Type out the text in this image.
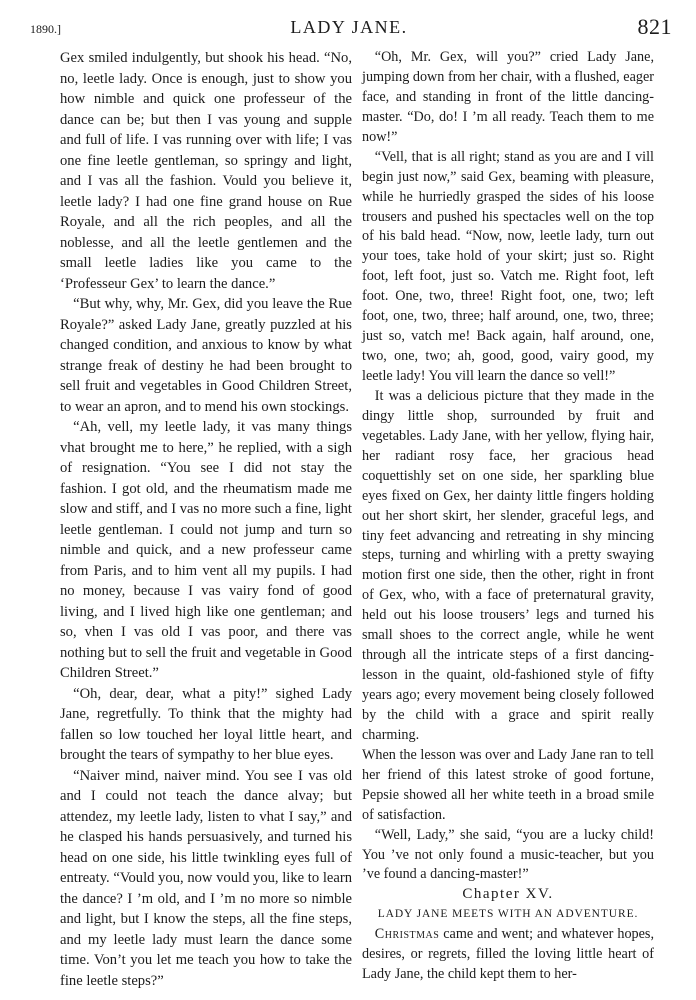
1890.]	LADY JANE.	821

Gex smiled indulgently, but shook his head. “No, no, leetle lady. Once is enough, just to show you how nimble and quick one professeur of the dance can be; but then I vas young and supple and full of life. I vas running over with life; I vas one fine leetle gentleman, so springy and light, and I vas all the fashion. Vould you believe it, leetle lady? I had one fine grand house on Rue Royale, and all the rich peoples, and all the noblesse, and all the leetle gentlemen and the small leetle ladies like you came to the ‘Professeur Gex’ to learn the dance.”

“But why, why, Mr. Gex, did you leave the Rue Royale?” asked Lady Jane, greatly puzzled at his changed condition, and anxious to know by what strange freak of destiny he had been brought to sell fruit and vegetables in Good Children Street, to wear an apron, and to mend his own stockings.

“Ah, vell, my leetle lady, it vas many things vhat brought me to here,” he replied, with a sigh of resignation. “You see I did not stay the fashion. I got old, and the rheumatism made me slow and stiff, and I vas no more such a fine, light leetle gentleman. I could not jump and turn so nimble and quick, and a new professeur came from Paris, and to him vent all my pupils. I had no money, because I vas vairy fond of good living, and I lived high like one gentleman; and so, vhen I vas old I vas poor, and there vas nothing but to sell the fruit and vegetable in Good Children Street.”

“Oh, dear, dear, what a pity!” sighed Lady Jane, regretfully. To think that the mighty had fallen so low touched her loyal little heart, and brought the tears of sympathy to her blue eyes.

“Naiver mind, naiver mind. You see I vas old and I could not teach the dance alvay; but attendez, my leetle lady, listen to vhat I say,” and he clasped his hands persuasively, and turned his head on one side, his little twinkling eyes full of entreaty. “Vould you, now vould you, like to learn the dance? I ’m old, and I ’m no more so nimble and light, but I know the steps, all the fine steps, and my leetle lady must learn the dance some time. Von’t you let me teach you how to take the fine leetle steps?”

“Oh, Mr. Gex, will you?” cried Lady Jane, jumping down from her chair, with a flushed, eager face, and standing in front of the little dancing-master. “Do, do! I ’m all ready. Teach them to me now!”

“Vell, that is all right; stand as you are and I vill begin just now,” said Gex, beaming with pleasure, while he hurriedly grasped the sides of his loose trousers and pushed his spectacles well on the top of his bald head. “Now, now, leetle lady, turn out your toes, take hold of your skirt; just so. Right foot, left foot, just so. Vatch me. Right foot, left foot. One, two, three! Right foot, one, two; left foot, one, two, three; half around, one, two, three; just so, vatch me! Back again, half around, one, two, one, two; ah, good, good, vairy good, my leetle lady! You vill learn the dance so vell!”

It was a delicious picture that they made in the dingy little shop, surrounded by fruit and vegetables. Lady Jane, with her yellow, flying hair, her radiant rosy face, her gracious head coquettishly set on one side, her sparkling blue eyes fixed on Gex, her dainty little fingers holding out her short skirt, her slender, graceful legs, and tiny feet advancing and retreating in shy mincing steps, turning and whirling with a pretty swaying motion first one side, then the other, right in front of Gex, who, with a face of preternatural gravity, held out his loose trousers’ legs and turned his small shoes to the correct angle, while he went through all the intricate steps of a first dancing-lesson in the quaint, old-fashioned style of fifty years ago; every movement being closely followed by the child with a grace and spirit really charming.

When the lesson was over and Lady Jane ran to tell her friend of this latest stroke of good fortune, Pepsie showed all her white teeth in a broad smile of satisfaction.

“Well, Lady,” she said, “you are a lucky child! You ’ve not only found a music-teacher, but you ’ve found a dancing-master!”

Chapter XV.

LADY JANE MEETS WITH AN ADVENTURE.

Christmas came and went; and whatever hopes, desires, or regrets, filled the loving little heart of Lady Jane, the child kept them to her-
